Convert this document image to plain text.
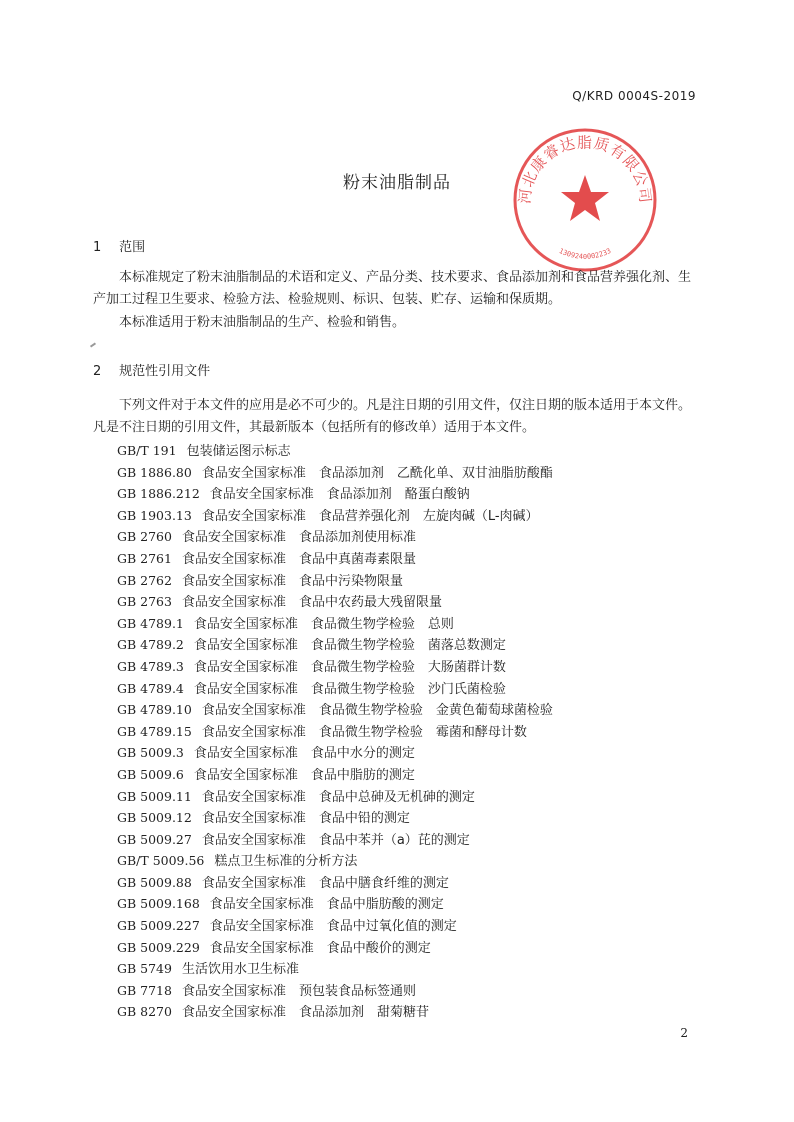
Q/KRD 0004S-2019
河北康睿达脂质有限公司
1309240002233
粉末油脂制品
1 范围

本标准规定了粉末油脂制品的术语和定义、产品分类、技术要求、食品添加剂和食品营养强化剂、生产加工过程卫生要求、检验方法、检验规则、标识、包装、贮存、运输和保质期。

本标准适用于粉末油脂制品的生产、检验和销售。

2 规范性引用文件

下列文件对于本文件的应用是必不可少的。凡是注日期的引用文件，仅注日期的版本适用于本文件。凡是不注日期的引用文件，其最新版本（包括所有的修改单）适用于本文件。

GB/T 191 包装储运图示标志
GB 1886.80 食品安全国家标准　食品添加剂　乙酰化单、双甘油脂肪酸酯
GB 1886.212 食品安全国家标准　食品添加剂　酪蛋白酸钠
GB 1903.13 食品安全国家标准　食品营养强化剂　左旋肉碱（L-肉碱）
GB 2760 食品安全国家标准　食品添加剂使用标准
GB 2761 食品安全国家标准　食品中真菌毒素限量
GB 2762 食品安全国家标准　食品中污染物限量
GB 2763 食品安全国家标准　食品中农药最大残留限量
GB 4789.1 食品安全国家标准　食品微生物学检验　总则
GB 4789.2 食品安全国家标准　食品微生物学检验　菌落总数测定
GB 4789.3 食品安全国家标准　食品微生物学检验　大肠菌群计数
GB 4789.4 食品安全国家标准　食品微生物学检验　沙门氏菌检验
GB 4789.10 食品安全国家标准　食品微生物学检验　金黄色葡萄球菌检验
GB 4789.15 食品安全国家标准　食品微生物学检验　霉菌和酵母计数
GB 5009.3 食品安全国家标准　食品中水分的测定
GB 5009.6 食品安全国家标准　食品中脂肪的测定
GB 5009.11 食品安全国家标准　食品中总砷及无机砷的测定
GB 5009.12 食品安全国家标准　食品中铅的测定
GB 5009.27 食品安全国家标准　食品中苯并（a）芘的测定
GB/T 5009.56 糕点卫生标准的分析方法
GB 5009.88 食品安全国家标准　食品中膳食纤维的测定
GB 5009.168 食品安全国家标准　食品中脂肪酸的测定
GB 5009.227 食品安全国家标准　食品中过氧化值的测定
GB 5009.229 食品安全国家标准　食品中酸价的测定
GB 5749 生活饮用水卫生标准
GB 7718 食品安全国家标准　预包装食品标签通则
GB 8270 食品安全国家标准　食品添加剂　甜菊糖苷
2
